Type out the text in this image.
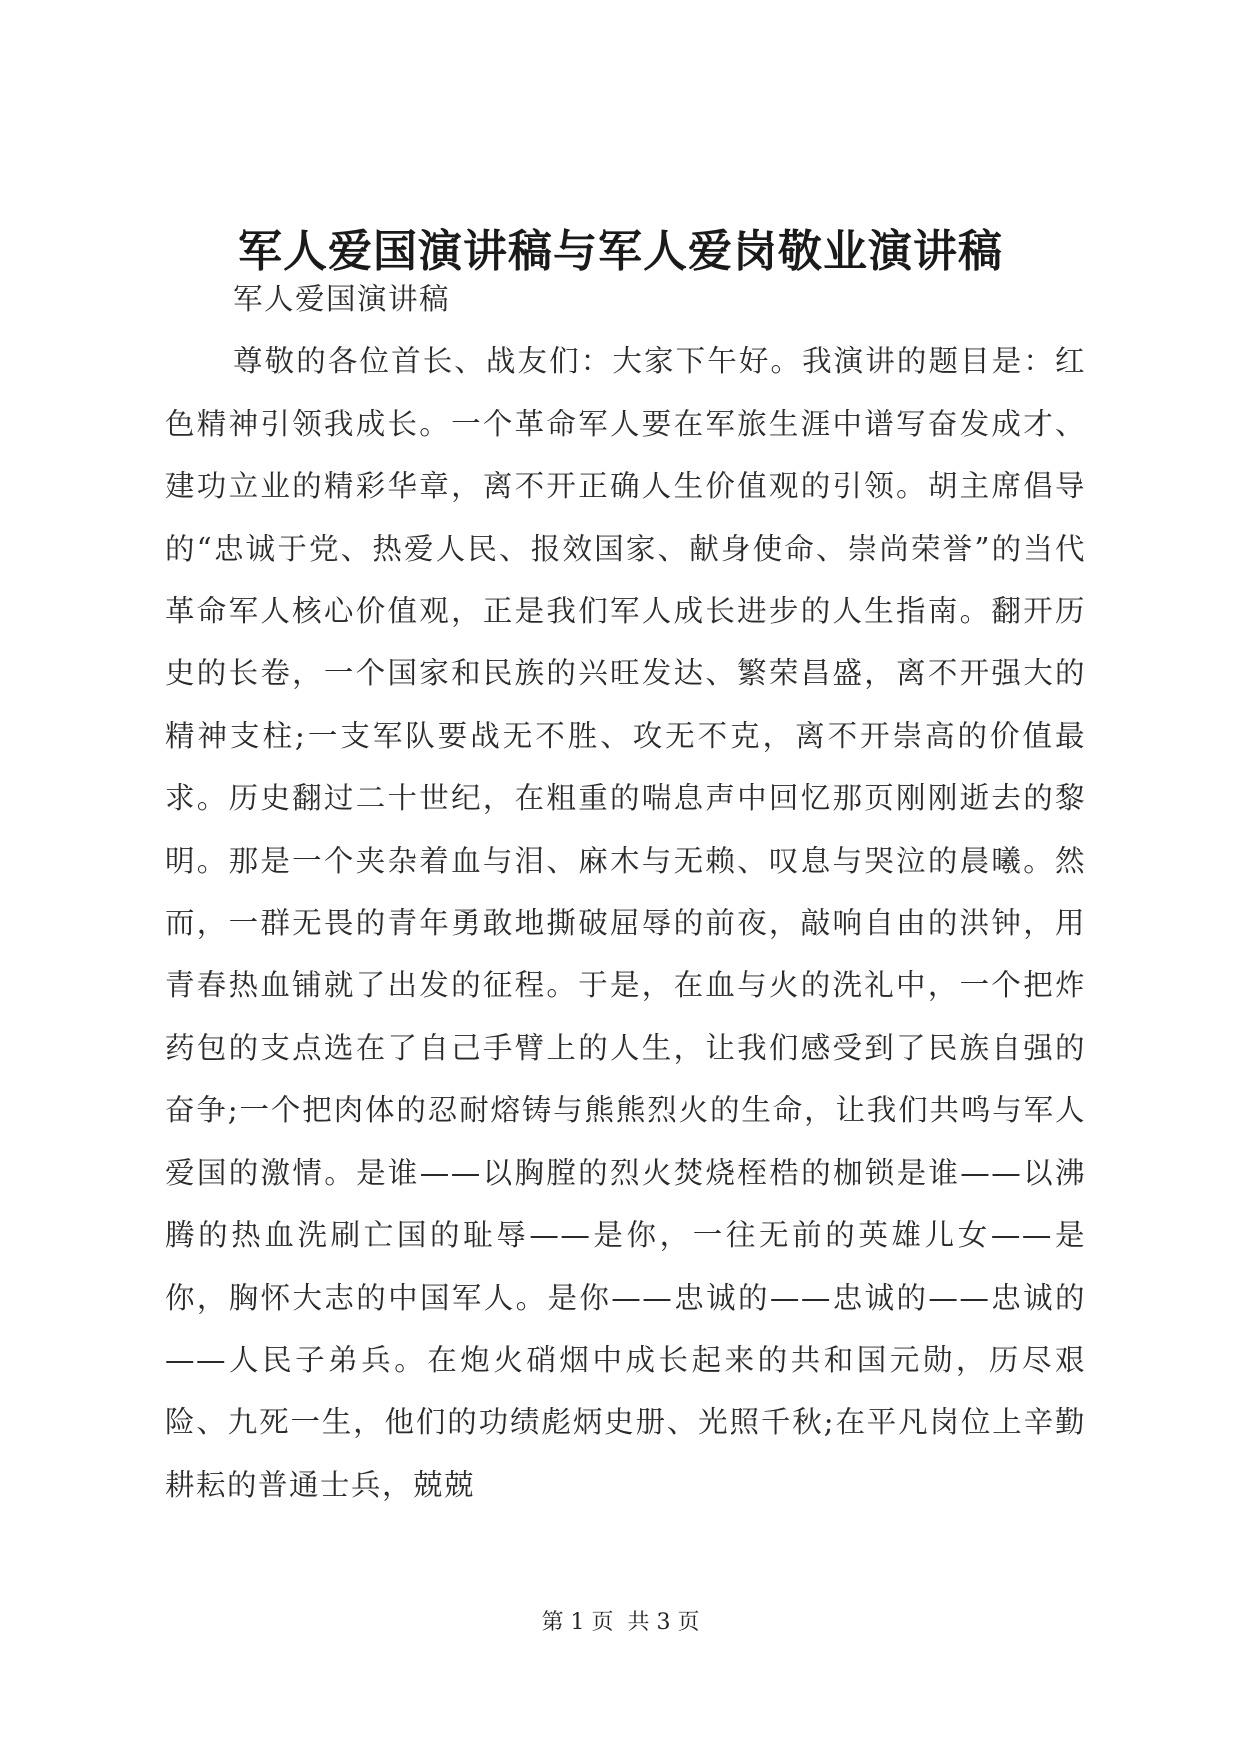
军人爱国演讲稿与军人爱岗敬业演讲稿

军人爱国演讲稿

尊敬的各位首长、战友们：大家下午好。我演讲的题目是：红色精神引领我成长。一个革命军人要在军旅生涯中谱写奋发成才、建功立业的精彩华章，离不开正确人生价值观的引领。胡主席倡导的“忠诚于党、热爱人民、报效国家、献身使命、崇尚荣誉”的当代革命军人核心价值观，正是我们军人成长进步的人生指南。翻开历史的长卷，一个国家和民族的兴旺发达、繁荣昌盛，离不开强大的精神支柱;一支军队要战无不胜、攻无不克，离不开崇高的价值最求。历史翻过二十世纪，在粗重的喘息声中回忆那页刚刚逝去的黎明。那是一个夹杂着血与泪、麻木与无赖、叹息与哭泣的晨曦。然而，一群无畏的青年勇敢地撕破屈辱的前夜，敲响自由的洪钟，用青春热血铺就了出发的征程。于是，在血与火的洗礼中，一个把炸药包的支点选在了自己手臂上的人生，让我们感受到了民族自强的奋争;一个把肉体的忍耐熔铸与熊熊烈火的生命，让我们共鸣与军人爱国的激情。是谁——以胸膛的烈火焚烧桎梏的枷锁是谁——以沸腾的热血洗刷亡国的耻辱——是你，一往无前的英雄儿女——是你，胸怀大志的中国军人。是你——忠诚的——忠诚的——忠诚的——人民子弟兵。在炮火硝烟中成长起来的共和国元勋，历尽艰险、九死一生，他们的功绩彪炳史册、光照千秋;在平凡岗位上辛勤耕耘的普通士兵，兢兢

第 1 页  共 3 页
